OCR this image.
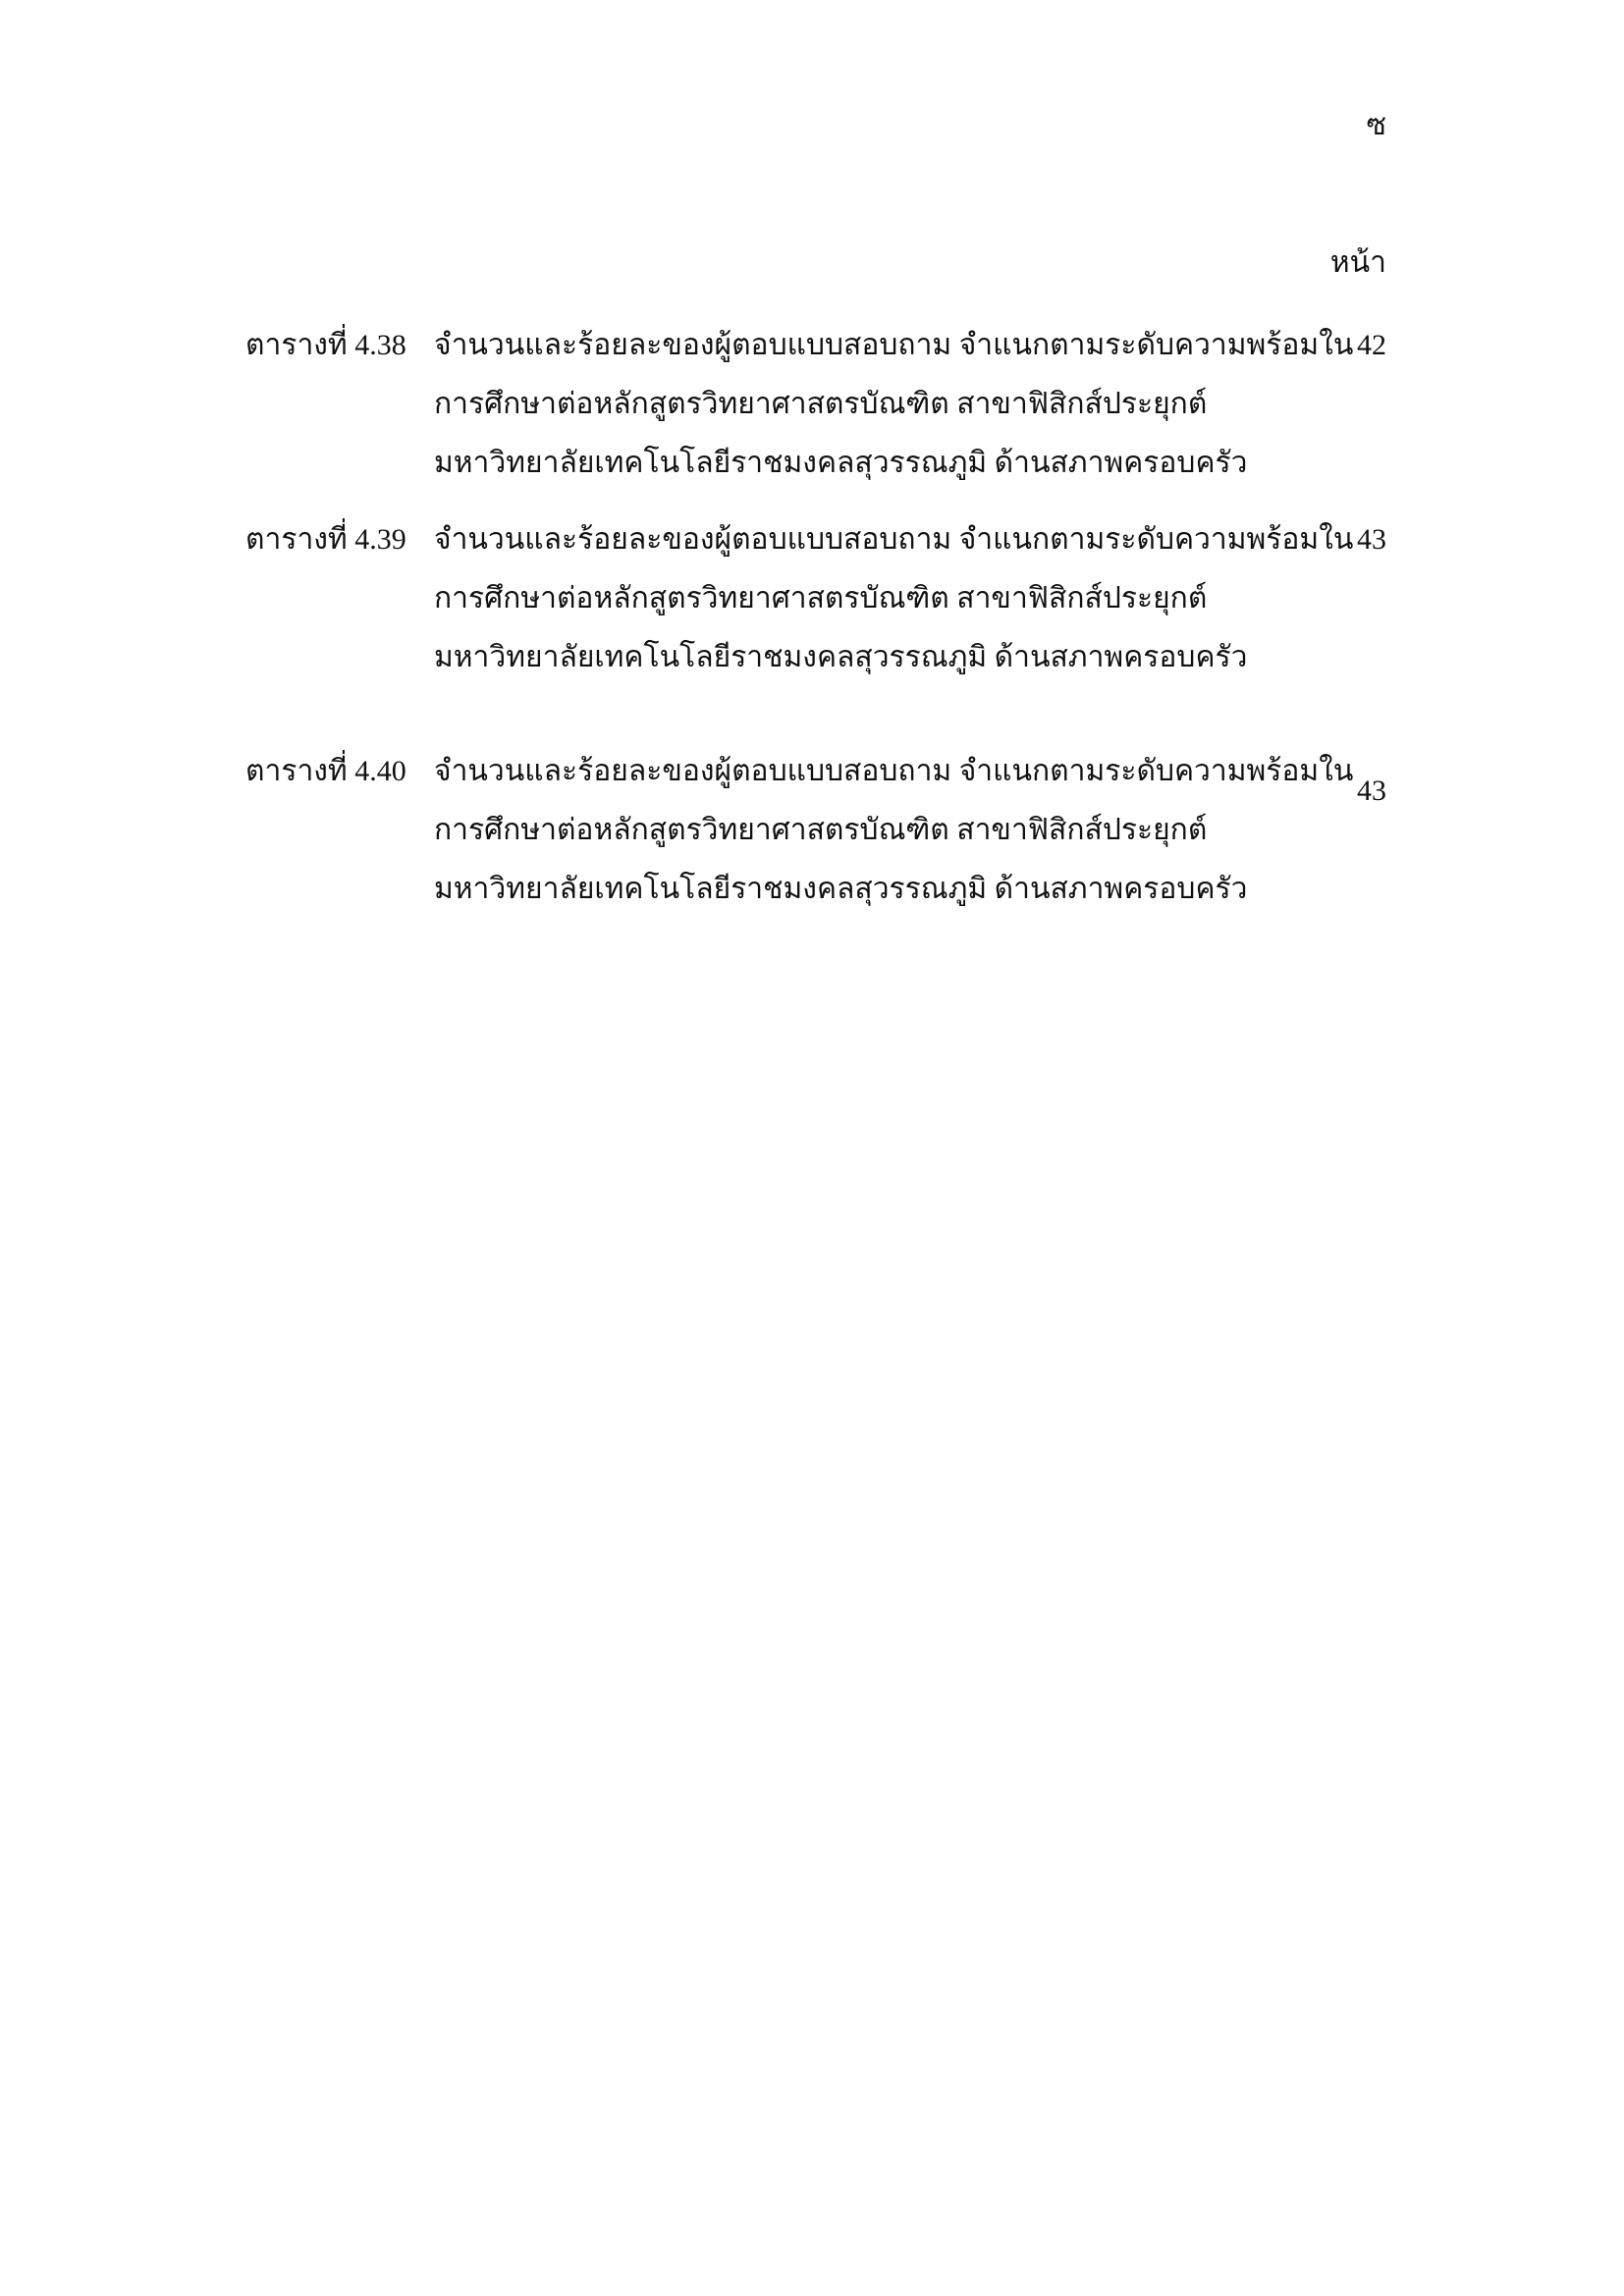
ซ
หน้า
ตารางที่ 4.38 จำนวนและร้อยละของผู้ตอบแบบสอบถาม จำแนกตามระดับความพร้อมใน
การศึกษาต่อหลักสูตรวิทยาศาสตรบัณฑิต สาขาฟิสิกส์ประยุกต์
มหาวิทยาลัยเทคโนโลยีราชมงคลสุวรรณภูมิ ด้านสภาพครอบครัว
42
ตารางที่ 4.39 จำนวนและร้อยละของผู้ตอบแบบสอบถาม จำแนกตามระดับความพร้อมใน
การศึกษาต่อหลักสูตรวิทยาศาสตรบัณฑิต สาขาฟิสิกส์ประยุกต์
มหาวิทยาลัยเทคโนโลยีราชมงคลสุวรรณภูมิ ด้านสภาพครอบครัว
43
ตารางที่ 4.40 จำนวนและร้อยละของผู้ตอบแบบสอบถาม จำแนกตามระดับความพร้อมใน
การศึกษาต่อหลักสูตรวิทยาศาสตรบัณฑิต สาขาฟิสิกส์ประยุกต์
มหาวิทยาลัยเทคโนโลยีราชมงคลสุวรรณภูมิ ด้านสภาพครอบครัว
43
